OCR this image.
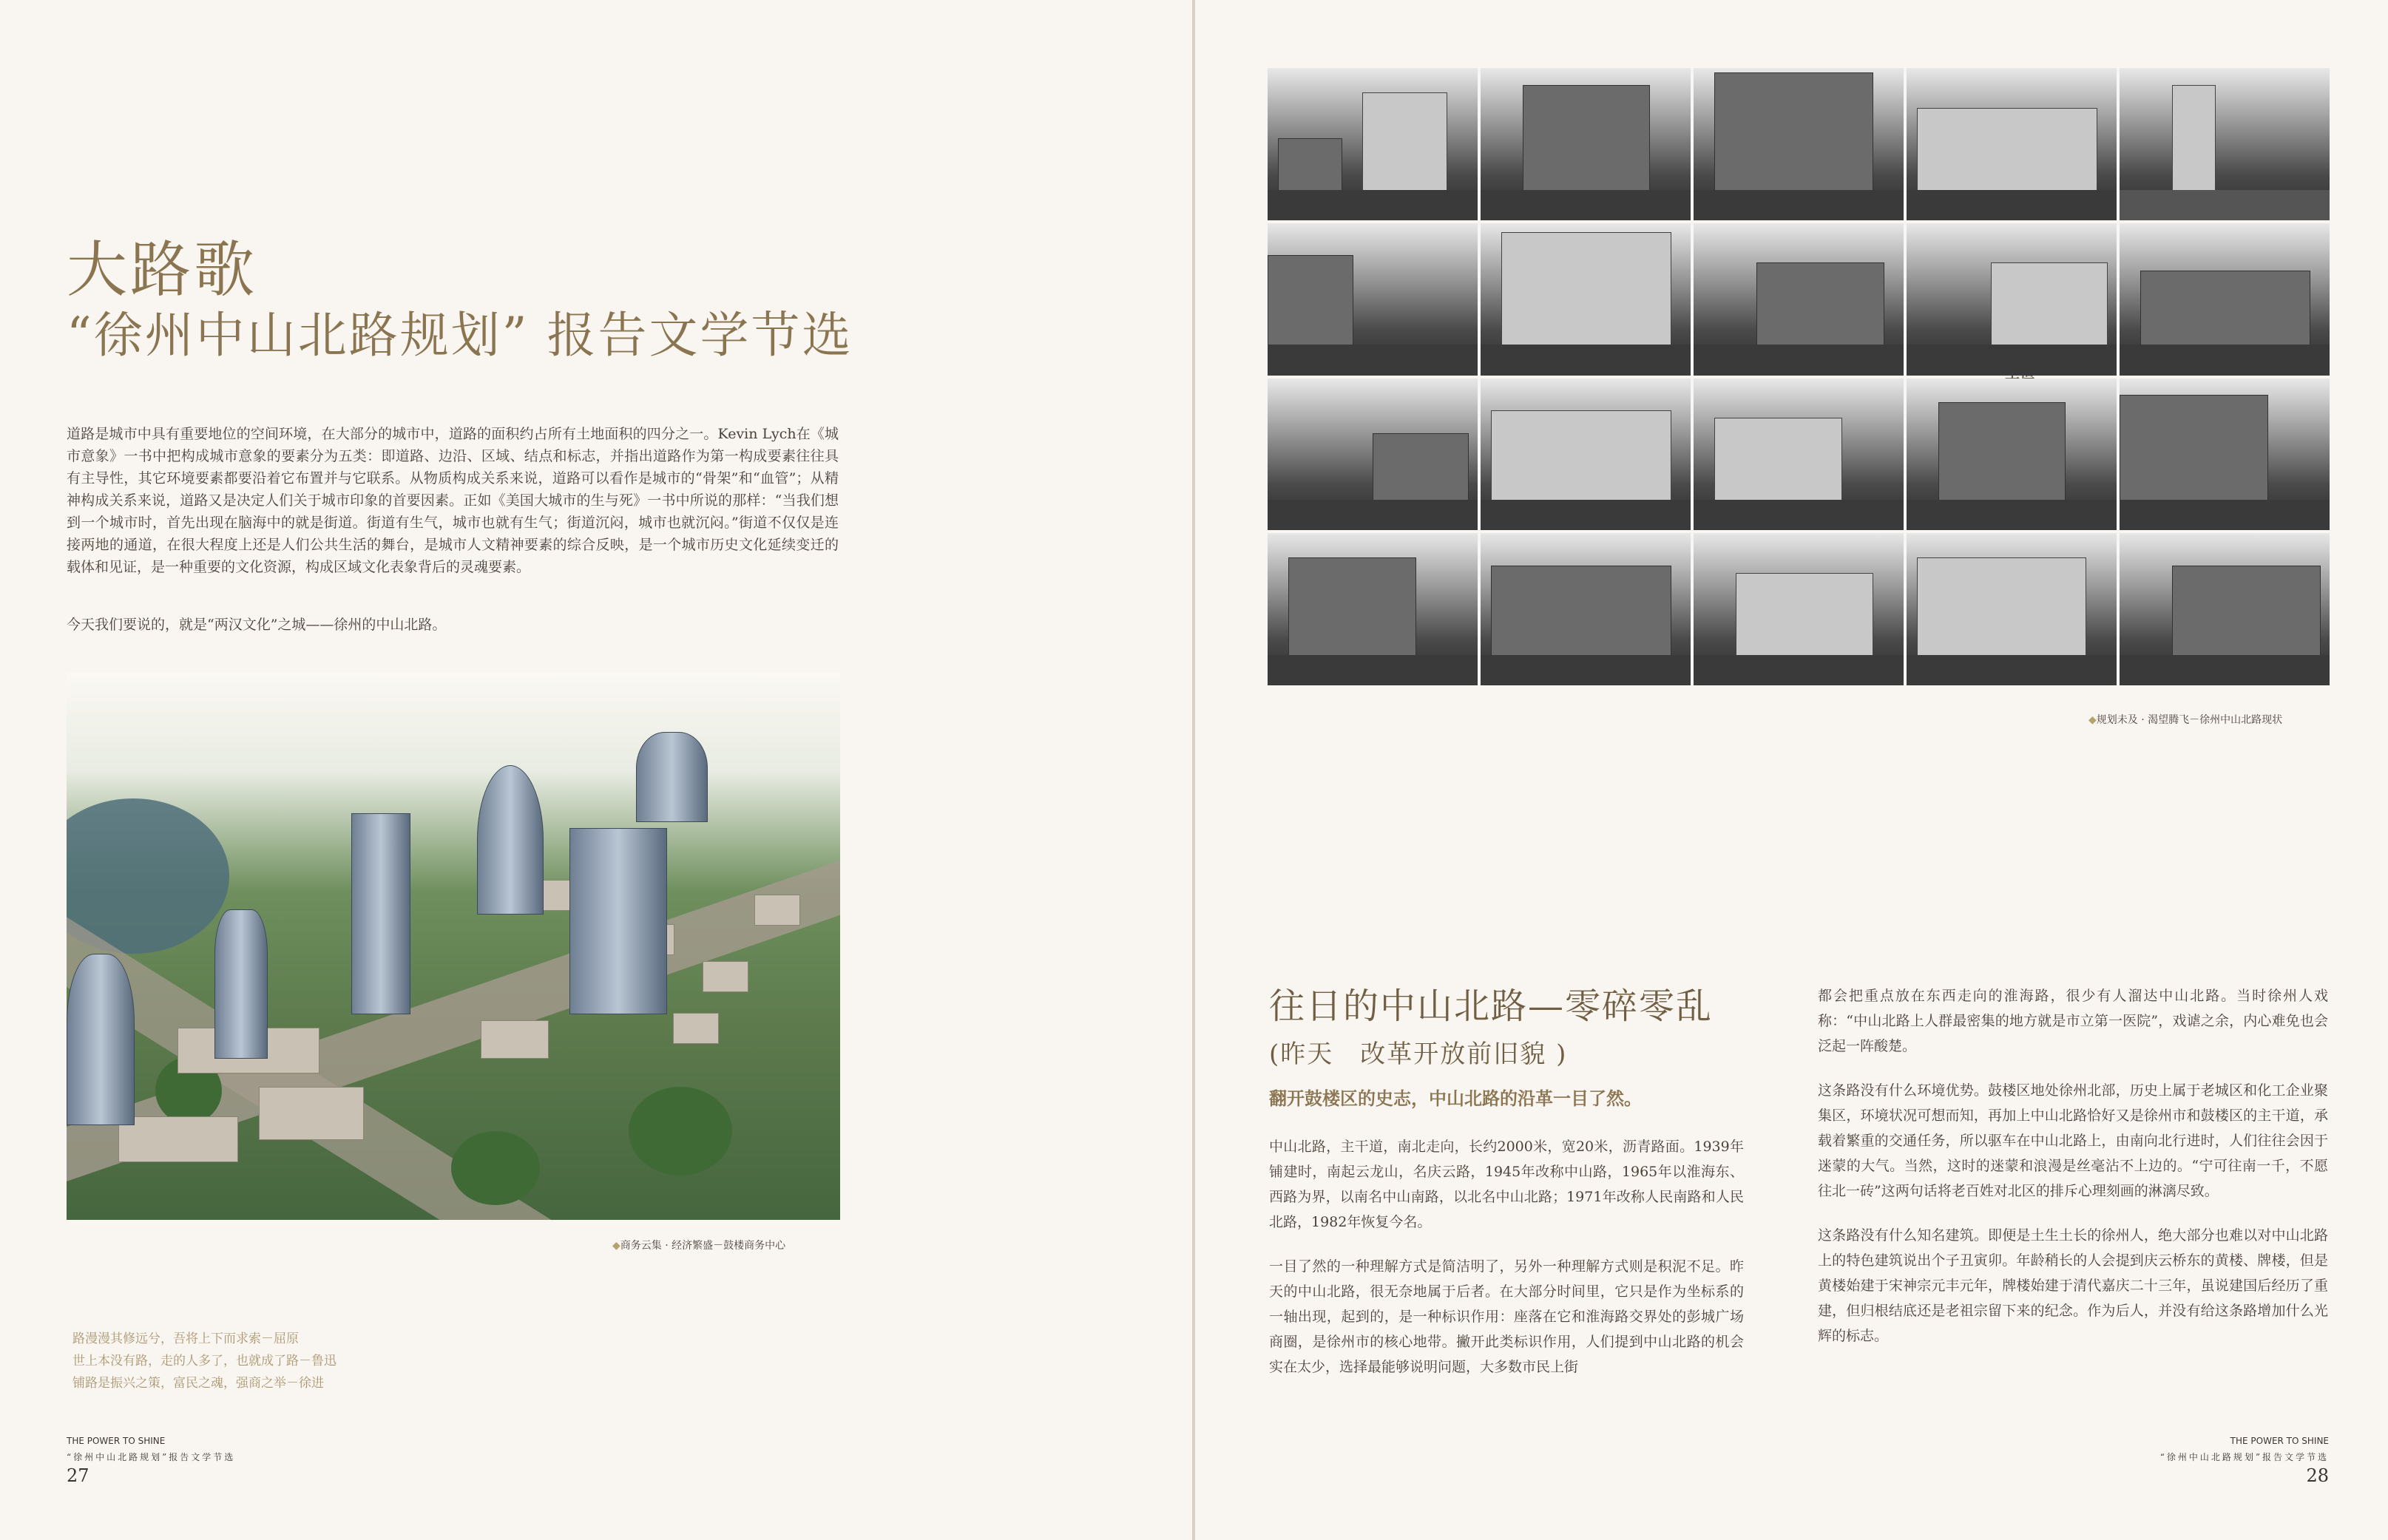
大路歌
“徐州中山北路规划” 报告文学节选
道路是城市中具有重要地位的空间环境，在大部分的城市中，道路的面积约占所有土地面积的四分之一。Kevin Lych在《城市意象》一书中把构成城市意象的要素分为五类：即道路、边沿、区域、结点和标志，并指出道路作为第一构成要素往往具有主导性，其它环境要素都要沿着它布置并与它联系。从物质构成关系来说，道路可以看作是城市的“骨架”和“血管”；从精神构成关系来说，道路又是决定人们关于城市印象的首要因素。正如《美国大城市的生与死》一书中所说的那样：“当我们想到一个城市时，首先出现在脑海中的就是街道。街道有生气，城市也就有生气；街道沉闷，城市也就沉闷。”街道不仅仅是连接两地的通道，在很大程度上还是人们公共生活的舞台，是城市人文精神要素的综合反映，是一个城市历史文化延续变迁的载体和见证，是一种重要的文化资源，构成区域文化表象背后的灵魂要素。
今天我们要说的，就是“两汉文化”之城——徐州的中山北路。
◆商务云集 · 经济繁盛－鼓楼商务中心
路漫漫其修远兮，吾将上下而求索－屈原
世上本没有路，走的人多了，也就成了路－鲁迅
铺路是振兴之策，富民之魂，强商之举－徐进
THE POWER TO SHINE
“徐州中山北路规划”报告文学节选
27
◆规划未及 · 渴望腾飞－徐州中山北路现状
往日的中山北路—零碎零乱
(昨天　改革开放前旧貌 )
翻开鼓楼区的史志，中山北路的沿革一目了然。

中山北路，主干道，南北走向，长约2000米，宽20米，沥青路面。1939年铺建时，南起云龙山，名庆云路，1945年改称中山路，1965年以淮海东、西路为界，以南名中山南路，以北名中山北路；1971年改称人民南路和人民北路，1982年恢复今名。

一目了然的一种理解方式是简洁明了，另外一种理解方式则是积泥不足。昨天的中山北路，很无奈地属于后者。在大部分时间里，它只是作为坐标系的一轴出现，起到的，是一种标识作用：座落在它和淮海路交界处的彭城广场商圈，是徐州市的核心地带。撇开此类标识作用，人们提到中山北路的机会实在太少，选择最能够说明问题，大多数市民上街

都会把重点放在东西走向的淮海路，很少有人溜达中山北路。当时徐州人戏称：“中山北路上人群最密集的地方就是市立第一医院”，戏谑之余，内心难免也会泛起一阵酸楚。

这条路没有什么环境优势。鼓楼区地处徐州北部，历史上属于老城区和化工企业聚集区，环境状况可想而知，再加上中山北路恰好又是徐州市和鼓楼区的主干道，承载着繁重的交通任务，所以驱车在中山北路上，由南向北行进时，人们往往会因于迷蒙的大气。当然，这时的迷蒙和浪漫是丝毫沾不上边的。“宁可往南一千，不愿往北一砖”这两句话将老百姓对北区的排斥心理刻画的淋漓尽致。

这条路没有什么知名建筑。即便是土生土长的徐州人，绝大部分也难以对中山北路上的特色建筑说出个子丑寅卯。年龄稍长的人会提到庆云桥东的黄楼、牌楼，但是黄楼始建于宋神宗元丰元年，牌楼始建于清代嘉庆二十三年，虽说建国后经历了重建，但归根结底还是老祖宗留下来的纪念。作为后人，并没有给这条路增加什么光辉的标志。

THE POWER TO SHINE
“徐州中山北路规划”报告文学节选
28
